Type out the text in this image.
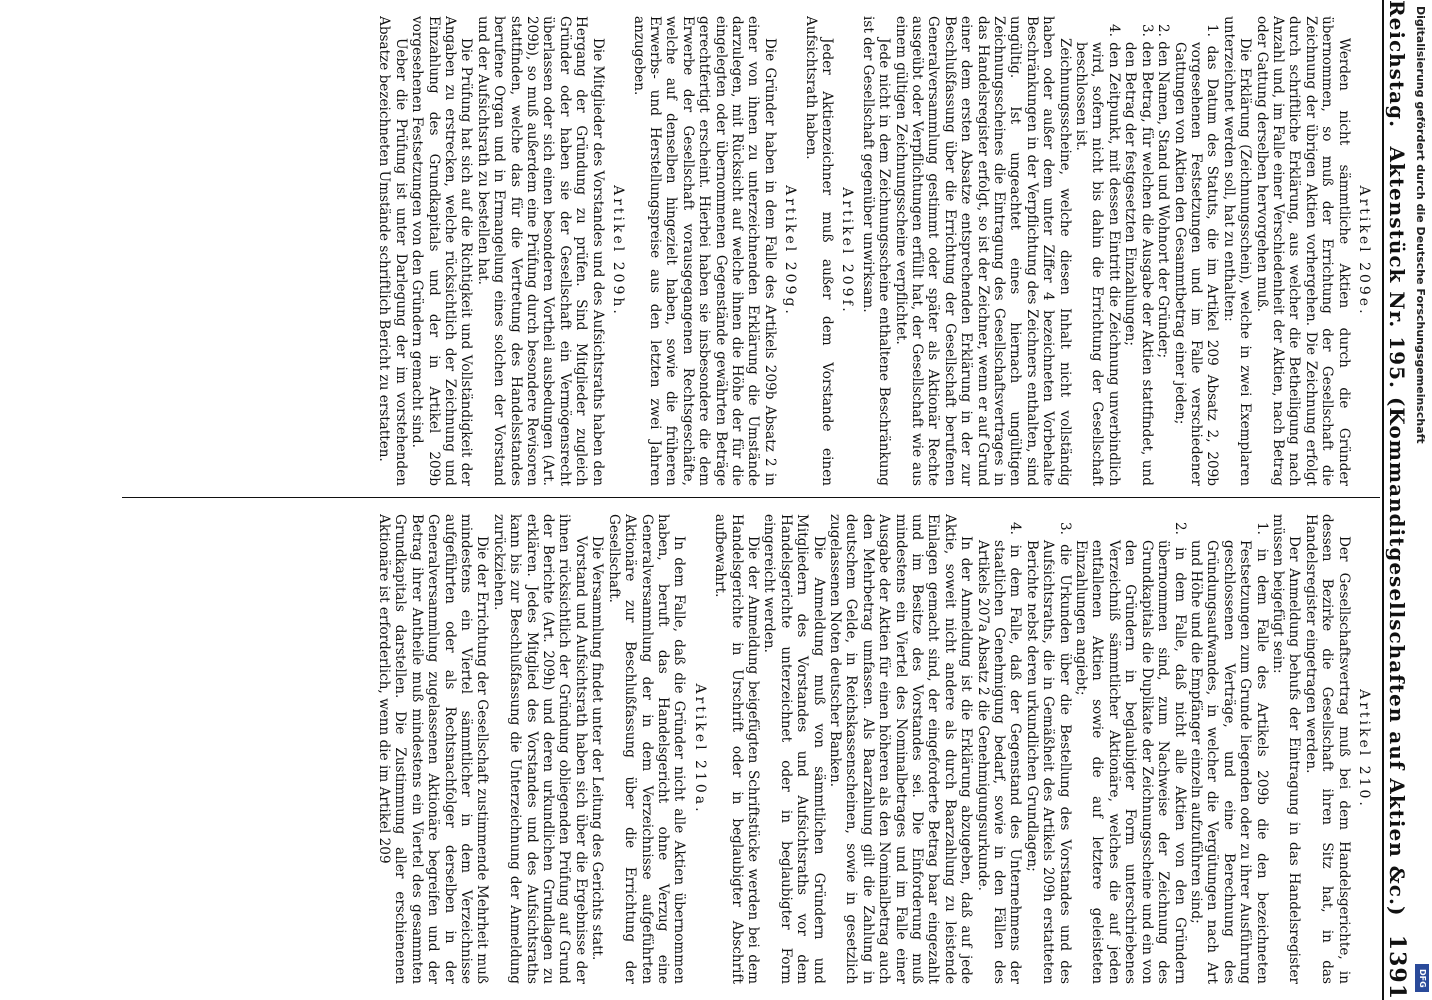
Reichstag.
Aktenstück Nr. 195. (Kommanditgesellschaften auf Aktien &c.)
1391
Artikel 209e.

Werden nicht sämmtliche Aktien durch die Gründer übernommen, so muß der Errichtung der Gesellschaft die Zeichnung der übrigen Aktien vorhergehen. Die Zeichnung erfolgt durch schriftliche Erklärung, aus welcher die Betheiligung nach Anzahl und, im Falle einer Verschiedenheit der Aktien, nach Betrag oder Gattung derselben hervorgehen muß.

Die Erklärung (Zeichnungsschein), welche in zwei Exemplaren unterzeichnet werden soll, hat zu enthalten:

1. das Datum des Statuts, die im Artikel 209 Absatz 2, 209b vorgesehenen Festsetzungen und im Falle verschiedener Gattungen von Aktien den Gesammtbetrag einer jeden;

2. den Namen, Stand und Wohnort der Gründer;

3. den Betrag, für welchen die Ausgabe der Aktien stattfindet, und den Betrag der festgesetzten Einzahlungen;

4. den Zeitpunkt, mit dessen Eintritt die Zeichnung unverbindlich wird, sofern nicht bis dahin die Errichtung der Gesellschaft beschlossen ist.

Zeichnungsscheine, welche diesen Inhalt nicht vollständig haben oder außer dem unter Ziffer 4 bezeichneten Vorbehalte Beschränkungen in der Verpflichtung des Zeichners enthalten, sind ungültig. Ist ungeachtet eines hiernach ungültigen Zeichnungsscheines die Eintragung des Gesellschaftsvertrages in das Handelsregister erfolgt, so ist der Zeichner, wenn er auf Grund einer dem ersten Absatze entsprechenden Erklärung in der zur Beschlußfassung über die Errichtung der Gesellschaft berufenen Generalversammlung gestimmt oder später als Aktionär Rechte ausgeübt oder Verpflichtungen erfüllt hat, der Gesellschaft wie aus einem gültigen Zeichnungsscheine verpflichtet.

Jede nicht in dem Zeichnungsscheine enthaltene Beschränkung ist der Gesellschaft gegenüber unwirksam.

Artikel 209f.

Jeder Aktienzeichner muß außer dem Vorstande einen Aufsichtsrath haben.

Artikel 209g.

Die Gründer haben in dem Falle des Artikels 209b Absatz 2 in einer von ihnen zu unterzeichnenden Erklärung die Umstände darzulegen, mit Rücksicht auf welche ihnen die Höhe der für die eingelegten oder übernommenen Gegenstände gewährten Beträge gerechtfertigt erscheint. Hierbei haben sie insbesondere die dem Erwerbe der Gesellschaft vorausgegangenen Rechtsgeschäfte, welche auf denselben hingezielt haben, sowie die früheren Erwerbs- und Herstellungspreise aus den letzten zwei Jahren anzugeben.

Artikel 209h.

Die Mitglieder des Vorstandes und des Aufsichtsraths haben den Hergang der Gründung zu prüfen. Sind Mitglieder zugleich Gründer oder haben sie der Gesellschaft ein Vermögensrecht überlassen oder sich einen besonderen Vortheil ausbedungen (Art. 209b), so muß außerdem eine Prüfung durch besondere Revisoren stattfinden, welche das für die Vertretung des Handelsstandes berufene Organ und in Ermangelung eines solchen der Vorstand und der Aufsichtsrath zu bestellen hat.

Die Prüfung hat sich auf die Richtigkeit und Vollständigkeit der Angaben zu erstrecken, welche rücksichtlich der Zeichnung und Einzahlung des Grundkapitals und der in Artikel 209b vorgesehenen Festsetzungen von den Gründern gemacht sind.

Ueber die Prüfung ist unter Darlegung der im vorstehenden Absatze bezeichneten Umstände schriftlich Bericht zu erstatten.

Artikel 210.

Der Gesellschaftsvertrag muß bei dem Handelsgerichte, in dessen Bezirke die Gesellschaft ihren Sitz hat, in das Handelsregister eingetragen werden.

Der Anmeldung behufs der Eintragung in das Handelsregister müssen beigefügt sein:

1. in dem Falle des Artikels 209b die den bezeichneten Festsetzungen zum Grunde liegenden oder zu ihrer Ausführung geschlossenen Verträge, und eine Berechnung des Gründungsaufwandes, in welcher die Vergütungen nach Art und Höhe und die Empfänger einzeln aufzuführen sind;

2. in dem Falle, daß nicht alle Aktien von den Gründern übernommen sind, zum Nachweise der Zeichnung des Grundkapitals die Duplikate der Zeichnungsscheine und ein von den Gründern in beglaubigter Form unterschriebenes Verzeichniß sämmtlicher Aktionäre, welches die auf jeden entfallenen Aktien sowie die auf letztere geleisteten Einzahlungen angiebt;

3. die Urkunden über die Bestellung des Vorstandes und des Aufsichtsraths, die in Gemäßheit des Artikels 209h erstatteten Berichte nebst deren urkundlichen Grundlagen;

4. in dem Falle, daß der Gegenstand des Unternehmens der staatlichen Genehmigung bedarf, sowie in den Fällen des Artikels 207a Absatz 2 die Genehmigungsurkunde.

In der Anmeldung ist die Erklärung abzugeben, daß auf jede Aktie, soweit nicht andere als durch Baarzahlung zu leistende Einlagen gemacht sind, der eingeforderte Betrag baar eingezahlt und im Besitze des Vorstandes sei. Die Einforderung muß mindestens ein Viertel des Nominalbetrages und im Falle einer Ausgabe der Aktien für einen höheren als den Nominalbetrag auch den Mehrbetrag umfassen. Als Baarzahlung gilt die Zahlung in deutschem Gelde, in Reichskassenscheinen, sowie in gesetzlich zugelassenen Noten deutscher Banken.

Die Anmeldung muß von sämmtlichen Gründern und Mitgliedern des Vorstandes und Aufsichtsraths vor dem Handelsgerichte unterzeichnet oder in beglaubigter Form eingereicht werden.

Die der Anmeldung beigefügten Schriftstücke werden bei dem Handelsgerichte in Urschrift oder in beglaubigter Abschrift aufbewahrt.

Artikel 210a.

In dem Falle, daß die Gründer nicht alle Aktien übernommen haben, beruft das Handelsgericht ohne Verzug eine Generalversammlung der in dem Verzeichnisse aufgeführten Aktionäre zur Beschlußfassung über die Errichtung der Gesellschaft.

Die Versammlung findet unter der Leitung des Gerichts statt.

Vorstand und Aufsichtsrath haben sich über die Ergebnisse der ihnen rücksichtlich der Gründung obliegenden Prüfung auf Grund der Berichte (Art. 209h) und deren urkundlichen Grundlagen zu erklären. Jedes Mitglied des Vorstandes und des Aufsichtsraths kann bis zur Beschlußfassung die Unterzeichnung der Anmeldung zurückziehen.

Die der Errichtung der Gesellschaft zustimmende Mehrheit muß mindestens ein Viertel sämmtlicher in dem Verzeichnisse aufgeführten oder als Rechtsnachfolger derselben in der Generalversammlung zugelassenen Aktionäre begreifen und der Betrag ihrer Antheile muß mindestens ein Viertel des gesammten Grundkapitals darstellen. Die Zustimmung aller erschienenen Aktionäre ist erforderlich, wenn die im Artikel 209

Digitalisierung gefördert durch die Deutsche Forschungsgemeinschaft
DFG
